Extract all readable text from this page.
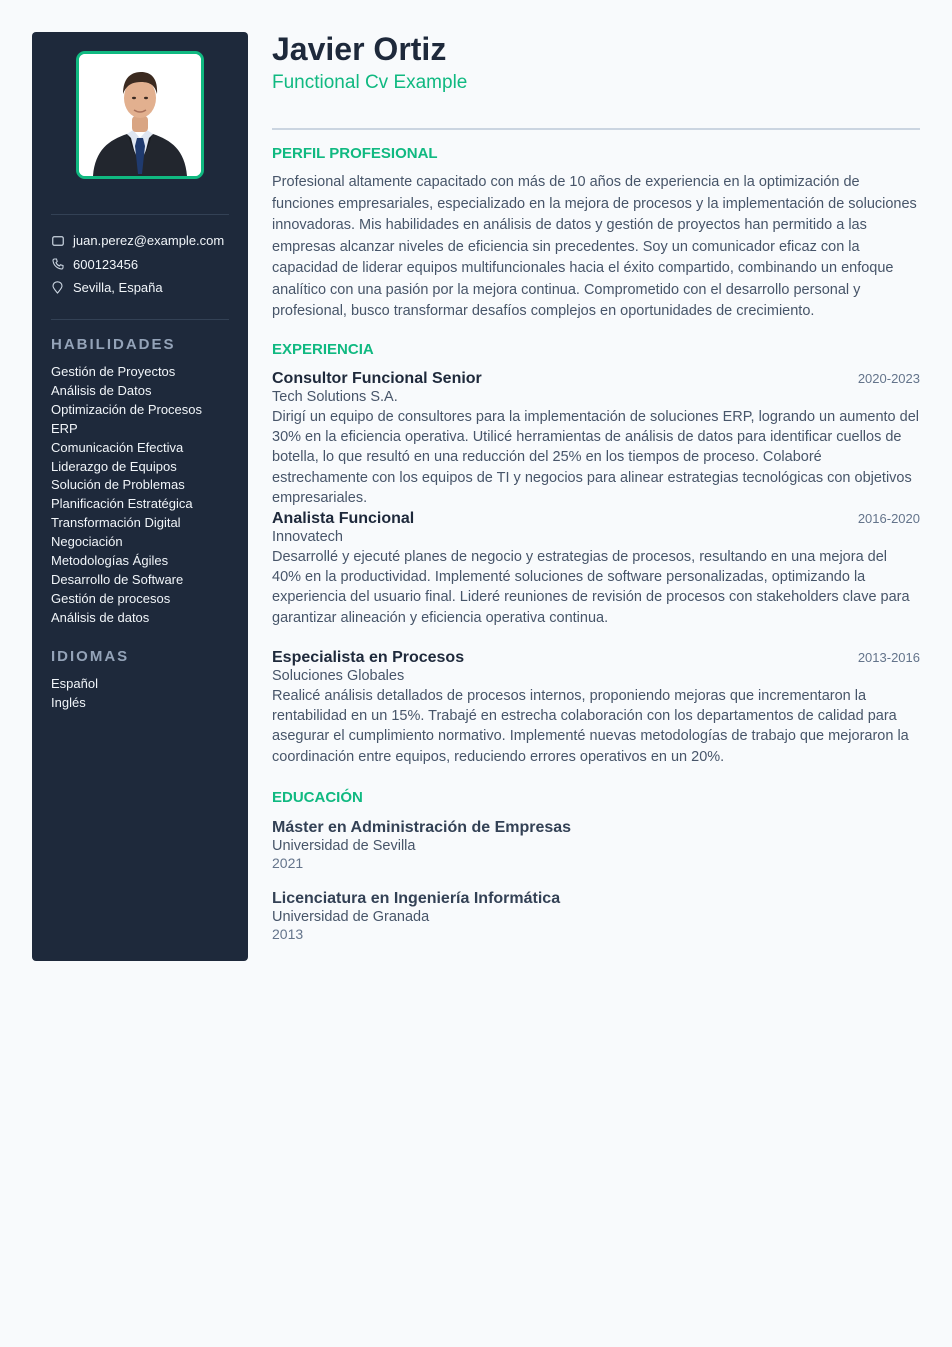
juan.perez@example.com
600123456
Sevilla, España
HABILIDADES
Gestión de Proyectos
Análisis de Datos
Optimización de Procesos
ERP
Comunicación Efectiva
Liderazgo de Equipos
Solución de Problemas
Planificación Estratégica
Transformación Digital
Negociación
Metodologías Ágiles
Desarrollo de Software
Gestión de procesos
Análisis de datos
IDIOMAS
Español
Inglés
Javier Ortiz
Functional Cv Example
PERFIL PROFESIONAL

Profesional altamente capacitado con más de 10 años de experiencia en la optimización de funciones empresariales, especializado en la mejora de procesos y la implementación de soluciones innovadoras. Mis habilidades en análisis de datos y gestión de proyectos han permitido a las empresas alcanzar niveles de eficiencia sin precedentes. Soy un comunicador eficaz con la capacidad de liderar equipos multifuncionales hacia el éxito compartido, combinando un enfoque analítico con una pasión por la mejora continua. Comprometido con el desarrollo personal y profesional, busco transformar desafíos complejos en oportunidades de crecimiento.

EXPERIENCIA
Consultor Funcional Senior	2020-2023
Tech Solutions S.A.

Dirigí un equipo de consultores para la implementación de soluciones ERP, logrando un aumento del 30% en la eficiencia operativa. Utilicé herramientas de análisis de datos para identificar cuellos de botella, lo que resultó en una reducción del 25% en los tiempos de proceso. Colaboré estrechamente con los equipos de TI y negocios para alinear estrategias tecnológicas con objetivos empresariales.

Analista Funcional	2016-2020
Innovatech

Desarrollé y ejecuté planes de negocio y estrategias de procesos, resultando en una mejora del 40% en la productividad. Implementé soluciones de software personalizadas, optimizando la experiencia del usuario final. Lideré reuniones de revisión de procesos con stakeholders clave para garantizar alineación y eficiencia operativa continua.

Especialista en Procesos	2013-2016
Soluciones Globales

Realicé análisis detallados de procesos internos, proponiendo mejoras que incrementaron la rentabilidad en un 15%. Trabajé en estrecha colaboración con los departamentos de calidad para asegurar el cumplimiento normativo. Implementé nuevas metodologías de trabajo que mejoraron la coordinación entre equipos, reduciendo errores operativos en un 20%.

EDUCACIÓN
Máster en Administración de Empresas
Universidad de Sevilla
2021
Licenciatura en Ingeniería Informática
Universidad de Granada
2013
